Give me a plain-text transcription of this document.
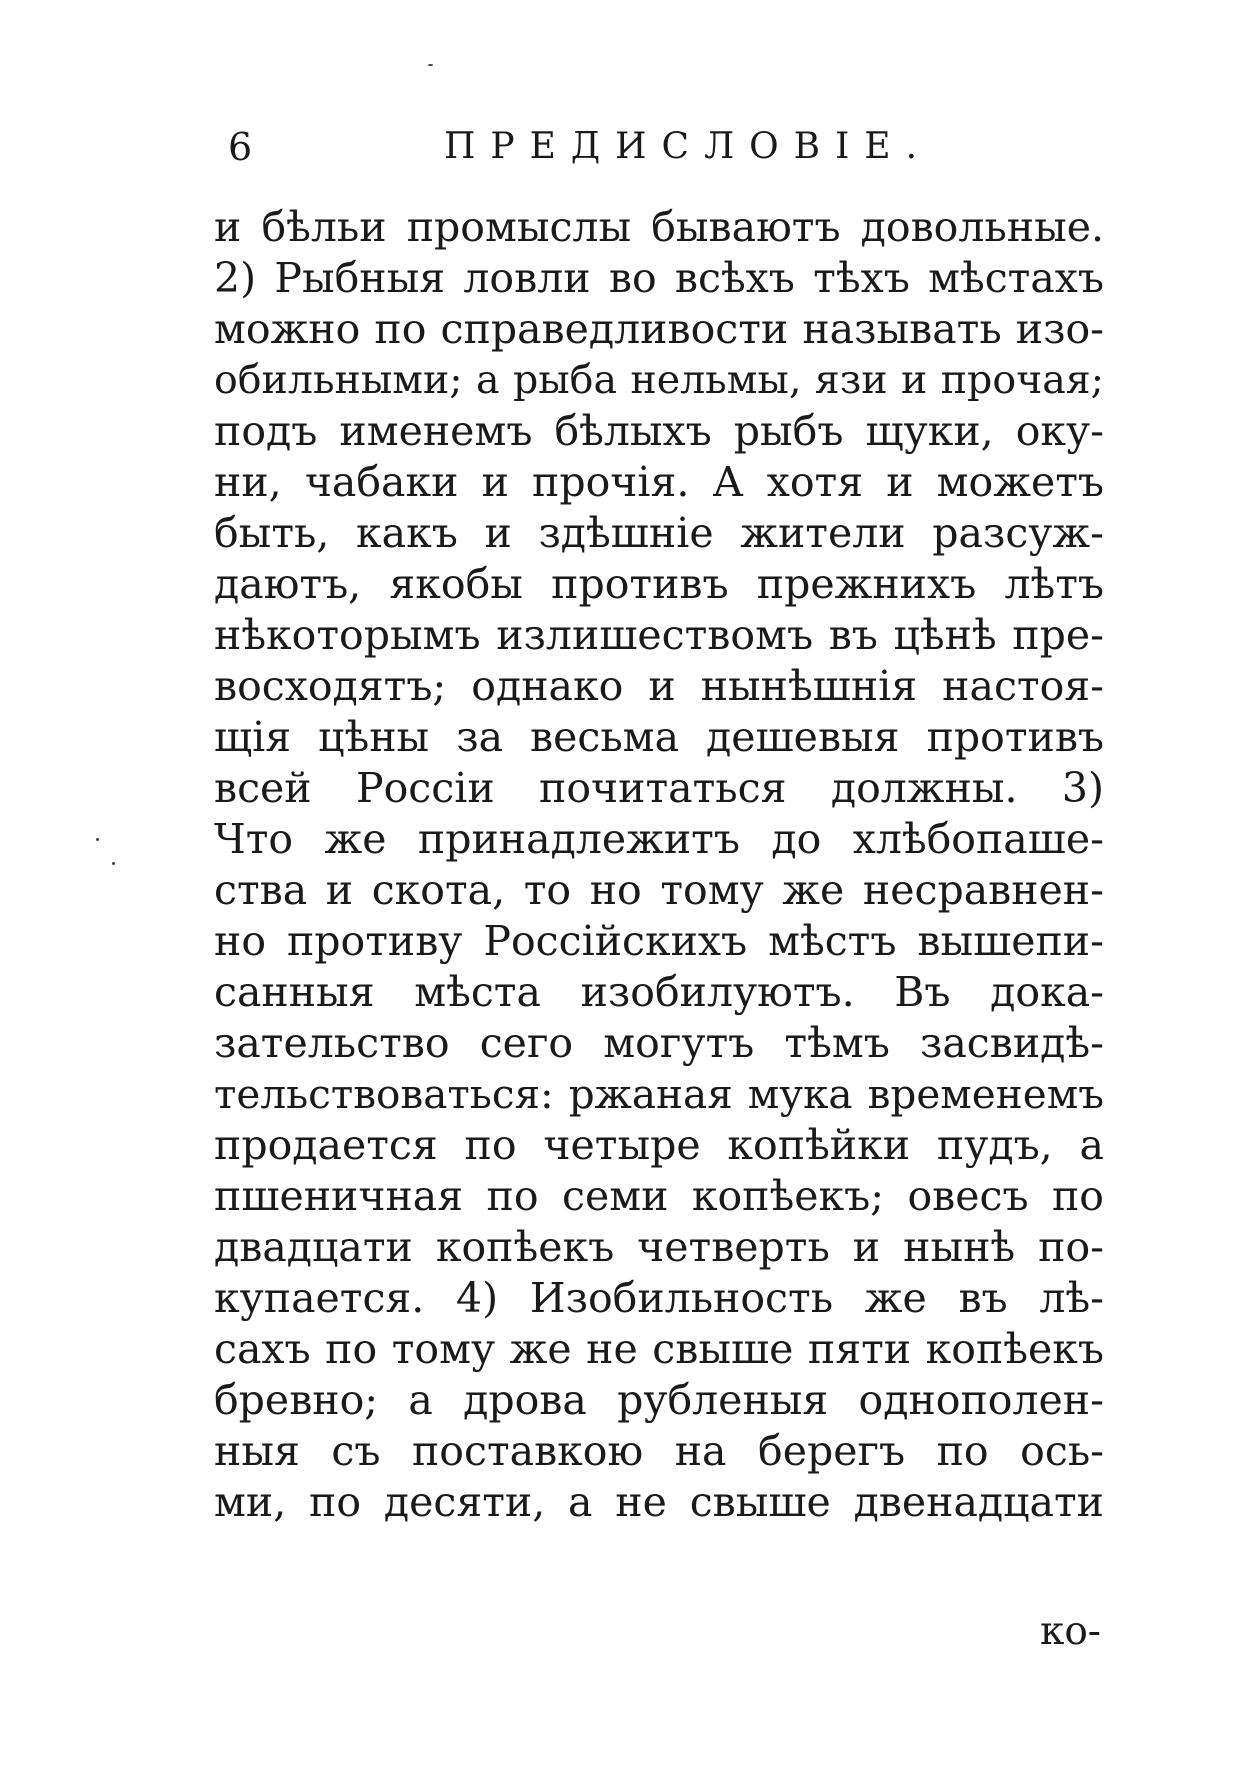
6	ПРЕДИСЛОВІЕ.
и бѣльи промыслы бываютъ довольные.
2) Рыбныя ловли во всѣхъ тѣхъ мѣстахъ
можно по справедливости называть изо-
обильными; а рыба нельмы, язи и прочая;
подъ именемъ бѣлыхъ рыбъ щуки, оку-
ни, чабаки и прочія. А хотя и можетъ
быть, какъ и здѣшніе жители разсуж-
даютъ, якобы противъ прежнихъ лѣтъ
нѣкоторымъ излишествомъ въ цѣнѣ пре-
восходятъ; однако и нынѣшнія настоя-
щія цѣны за весьма дешевыя противъ
всей Россіи почитаться должны. 3)
Что же принадлежитъ до хлѣбопаше-
ства и скота, то но тому же несравнен-
но противу Россійскихъ мѣстъ вышепи-
санныя мѣста изобилуютъ. Въ дока-
зательство сего могутъ тѣмъ засвидѣ-
тельствоваться: ржаная мука временемъ
продается по четыре копѣйки пудъ, а
пшеничная по семи копѣекъ; овесъ по
двадцати копѣекъ четверть и нынѣ по-
купается. 4) Изобильность же въ лѣ-
сахъ по тому же не свыше пяти копѣекъ
бревно; а дрова рубленыя однополен-
ныя съ поставкою на берегъ по ось-
ми, по десяти, а не свыше двенадцати
ко-
